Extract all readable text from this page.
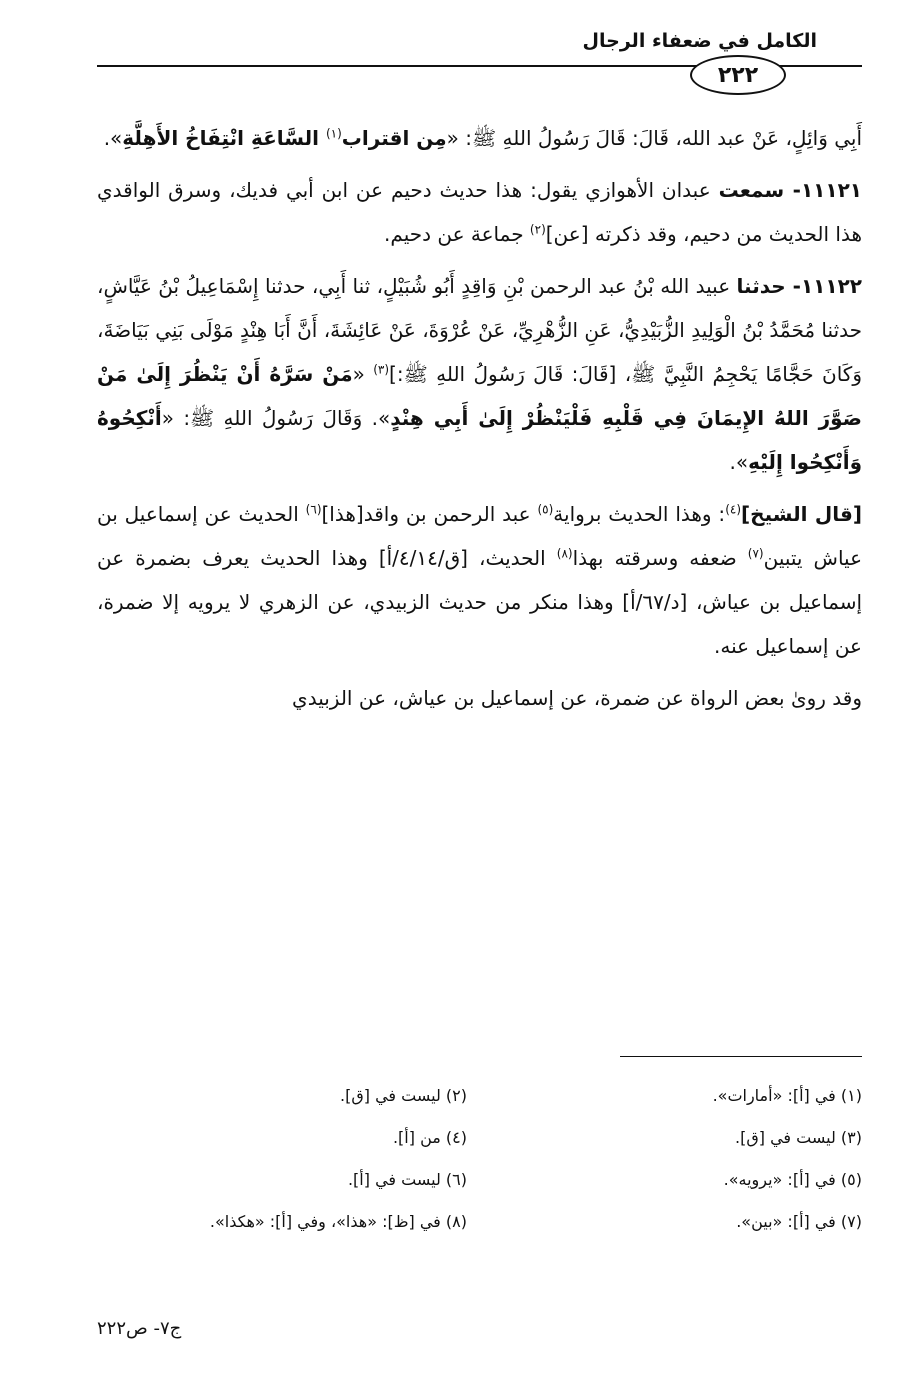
الكامل في ضعفاء الرجال
٢٢٢

أَبِي وَائِلٍ، عَنْ عبد الله، قَالَ: قَالَ رَسُولُ اللهِ ﷺ: «مِن اقتراب$^{(١)}$ السَّاعَةِ انْتِفَاخُ الأَهِلَّةِ».

١١١٢١- سمعت عبدان الأهوازي يقول: هذا حديث دحيم عن ابن أبي فديك، وسرق الواقدي هذا الحديث من دحيم، وقد ذكرته [عن]$^{(٢)}$ جماعة عن دحيم.

١١١٢٢- حدثنا عبيد الله بْنُ عبد الرحمن بْنِ وَاقِدٍ أَبُو شُبَيْلٍ، ثنا أَبِي، حدثنا إِسْمَاعِيلُ بْنُ عَيَّاشٍ، حدثنا مُحَمَّدُ بْنُ الْوَلِيدِ الزُّبَيْدِيُّ، عَنِ الزُّهْرِيِّ، عَنْ عُرْوَةَ، عَنْ عَائِشَةَ، أَنَّ أَبَا هِنْدٍ مَوْلَى بَنِي بَيَاضَةَ، وَكَانَ حَجَّامًا يَحْجِمُ النَّبِيَّ ﷺ، [قَالَ: قَالَ رَسُولُ اللهِ ﷺ:]$^{(٣)}$ «مَنْ سَرَّهُ أَنْ يَنْظُرَ إِلَىٰ مَنْ صَوَّرَ اللهُ الإِيمَانَ فِي قَلْبِهِ فَلْيَنْظُرْ إِلَىٰ أَبِي هِنْدٍ». وَقَالَ رَسُولُ اللهِ ﷺ: «أَنْكِحُوهُ وَأَنْكِحُوا إِلَيْهِ».

[قال الشيخ]$^{(٤)}$: وهذا الحديث برواية$^{(٥)}$ عبد الرحمن بن واقد[هذا]$^{(٦)}$ الحديث عن إسماعيل بن عياش يتبين$^{(٧)}$ ضعفه وسرقته بهذا$^{(٨)}$ الحديث، [ق/٤/١٤/أ] وهذا الحديث يعرف بضمرة عن إسماعيل بن عياش، [د/٦٧/أ] وهذا منكر من حديث الزبيدي، عن الزهري لا يرويه إلا ضمرة، عن إسماعيل عنه.

وقد روىٰ بعض الرواة عن ضمرة، عن إسماعيل بن عياش، عن الزبيدي

(١) في [أ]: «أمارات».
(٢) ليست في [ق].
(٣) ليست في [ق].
(٤) من [أ].
(٥) في [أ]: «يرويه».
(٦) ليست في [أ].
(٧) في [أ]: «بين».
(٨) في [ظ]: «هذا»، وفي [أ]: «هكذا».
ج٧- ص٢٢٢
